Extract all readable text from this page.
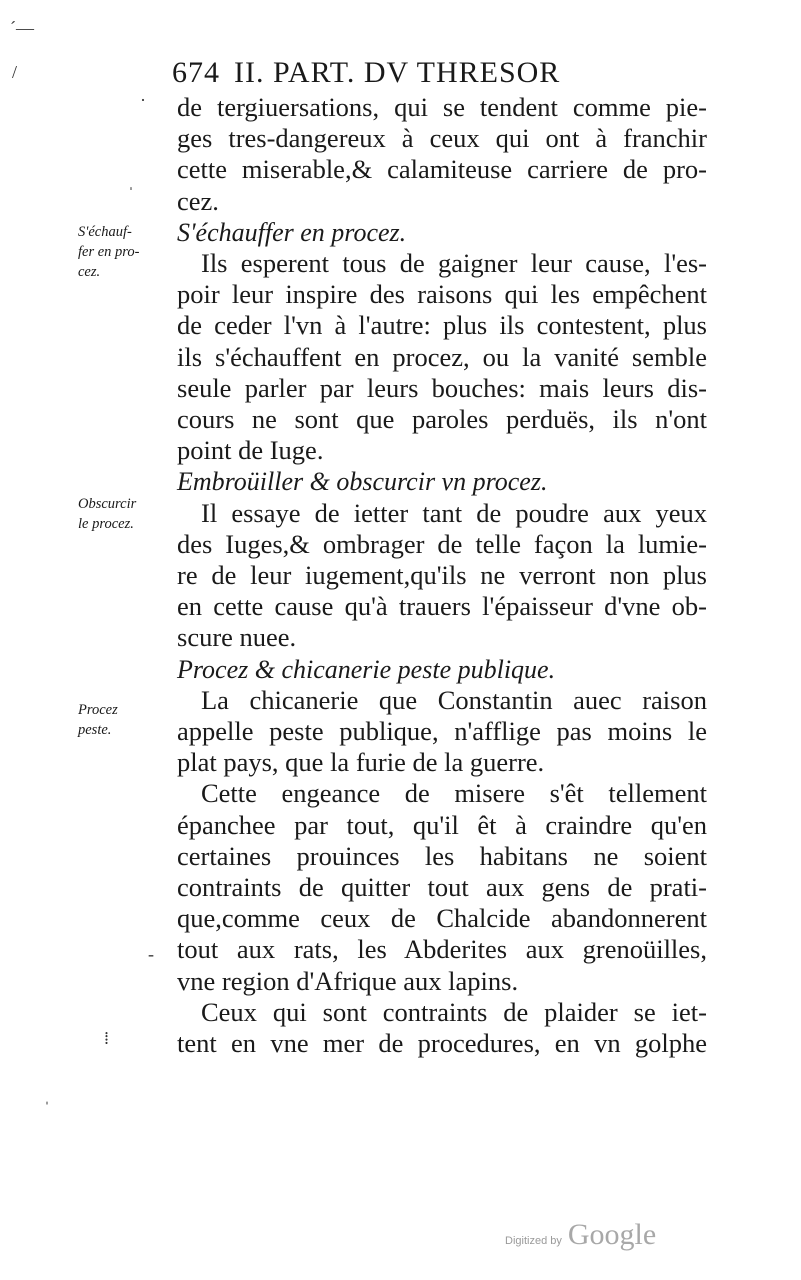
ˊ—
/
·
ˌ
-
⁞
ˈ
674 II. PART. DV THRESOR
S'échauf-
fer en pro-
cez.
Obscurcir
le procez.
Procez
peste.
de tergiuersations, qui se tendent comme pie-
ges tres-dangereux à ceux qui ont à franchir
cette miserable,& calamiteuse carriere de pro-
cez.
S'échauffer en procez.
Ils esperent tous de gaigner leur cause, l'es-
poir leur inspire des raisons qui les empêchent
de ceder l'vn à l'autre: plus ils contestent, plus
ils s'échauffent en procez, ou la vanité semble
seule parler par leurs bouches: mais leurs dis-
cours ne sont que paroles perduës, ils n'ont
point de Iuge.
Embroüiller & obscurcir vn procez.
Il essaye de ietter tant de poudre aux yeux
des Iuges,& ombrager de telle façon la lumie-
re de leur iugement,qu'ils ne verront non plus
en cette cause qu'à trauers l'épaisseur d'vne ob-
scure nuee.
Procez & chicanerie peste publique.
La chicanerie que Constantin auec raison
appelle peste publique, n'afflige pas moins le
plat pays, que la furie de la guerre.
Cette engeance de misere s'êt tellement
épanchee par tout, qu'il êt à craindre qu'en
certaines prouinces les habitans ne soient
contraints de quitter tout aux gens de prati-
que,comme ceux de Chalcide abandonnerent
tout aux rats, les Abderites aux grenoüilles,
vne region d'Afrique aux lapins.
Ceux qui sont contraints de plaider se iet-
tent en vne mer de procedures, en vn golphe
Digitized by Google
